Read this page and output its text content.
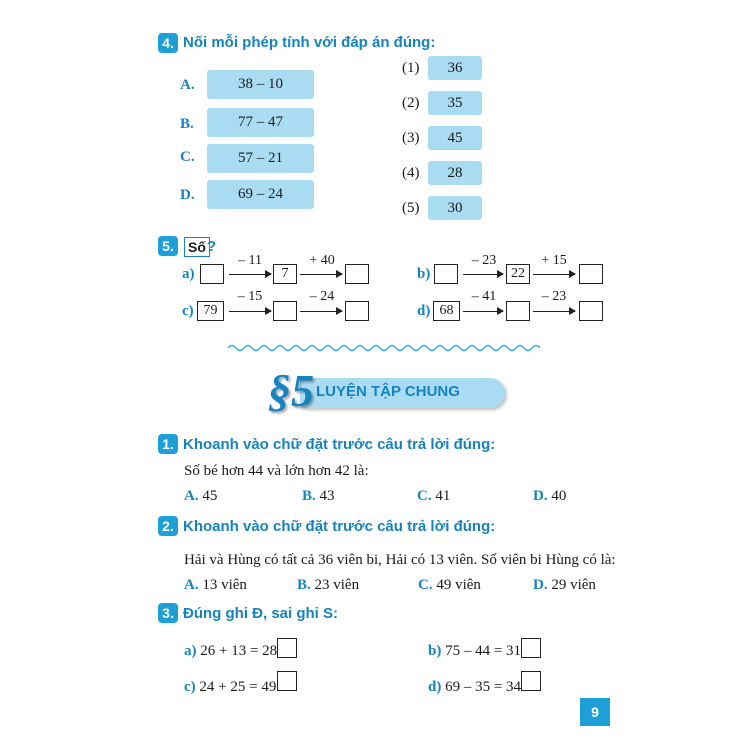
4. Nối mỗi phép tính với đáp án đúng:
A.	38 – 10
B.	77 – 47
C.	57 – 21
D.	69 – 24
(1)	36
(2)	35
(3)	45
(4)	28
(5)	30
5. Số ?
a)
– 11
7
+ 40
b)
– 23
22
+ 15
c) 79
– 15	– 24
d) 68
– 41	– 23
§5 LUYỆN TẬP CHUNG
1. Khoanh vào chữ đặt trước câu trả lời đúng:
Số bé hơn 44 và lớn hơn 42 là:
A. 45	B. 43	C. 41	D. 40
2. Khoanh vào chữ đặt trước câu trả lời đúng:
Hải và Hùng có tất cả 36 viên bi, Hải có 13 viên. Số viên bi Hùng có là:
A. 13 viên	B. 23 viên	C. 49 viên	D. 29 viên
3. Đúng ghi Đ, sai ghi S:
a) 26 + 13 = 28	b) 75 – 44 = 31
c) 24 + 25 = 49	d) 69 – 35 = 34
9
